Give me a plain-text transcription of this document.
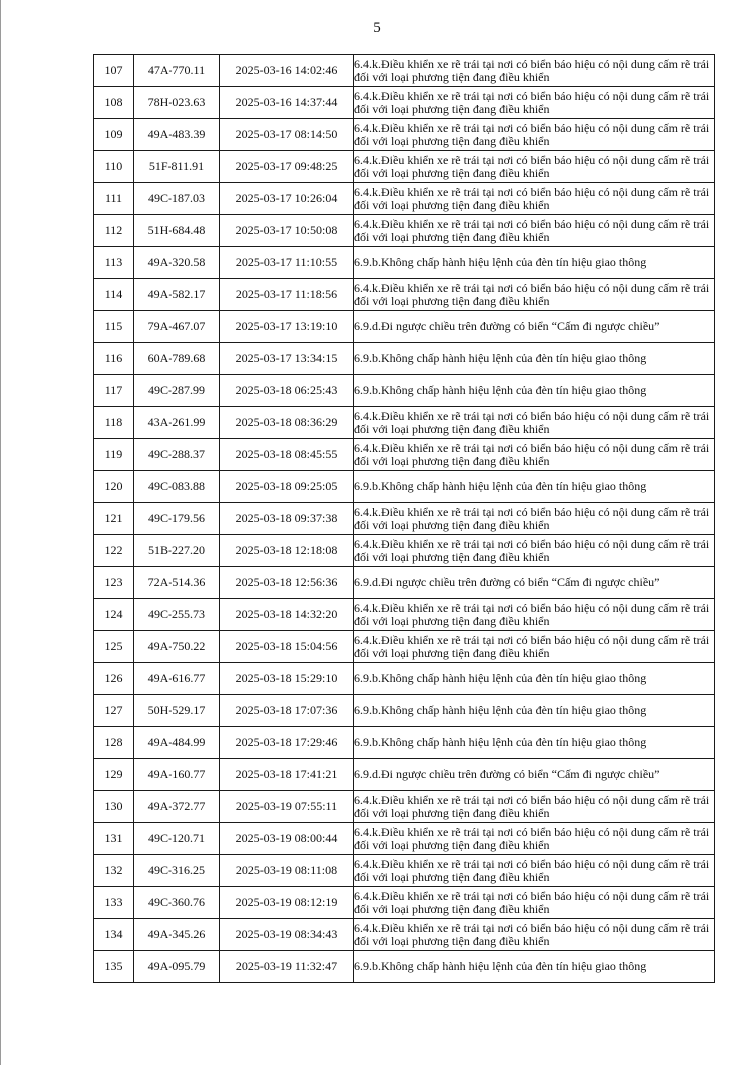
5
107	47A-770.11	2025-03-16 14:02:46	6.4.k.Điều khiển xe rẽ trái tại nơi có biển báo hiệu có nội dung cấm rẽ trái đối với loại phương tiện đang điều khiển
108	78H-023.63	2025-03-16 14:37:44	6.4.k.Điều khiển xe rẽ trái tại nơi có biển báo hiệu có nội dung cấm rẽ trái đối với loại phương tiện đang điều khiển
109	49A-483.39	2025-03-17 08:14:50	6.4.k.Điều khiển xe rẽ trái tại nơi có biển báo hiệu có nội dung cấm rẽ trái đối với loại phương tiện đang điều khiển
110	51F-811.91	2025-03-17 09:48:25	6.4.k.Điều khiển xe rẽ trái tại nơi có biển báo hiệu có nội dung cấm rẽ trái đối với loại phương tiện đang điều khiển
111	49C-187.03	2025-03-17 10:26:04	6.4.k.Điều khiển xe rẽ trái tại nơi có biển báo hiệu có nội dung cấm rẽ trái đối với loại phương tiện đang điều khiển
112	51H-684.48	2025-03-17 10:50:08	6.4.k.Điều khiển xe rẽ trái tại nơi có biển báo hiệu có nội dung cấm rẽ trái đối với loại phương tiện đang điều khiển
113	49A-320.58	2025-03-17 11:10:55	6.9.b.Không chấp hành hiệu lệnh của đèn tín hiệu giao thông
114	49A-582.17	2025-03-17 11:18:56	6.4.k.Điều khiển xe rẽ trái tại nơi có biển báo hiệu có nội dung cấm rẽ trái đối với loại phương tiện đang điều khiển
115	79A-467.07	2025-03-17 13:19:10	6.9.d.Đi ngược chiều trên đường có biển “Cấm đi ngược chiều”
116	60A-789.68	2025-03-17 13:34:15	6.9.b.Không chấp hành hiệu lệnh của đèn tín hiệu giao thông
117	49C-287.99	2025-03-18 06:25:43	6.9.b.Không chấp hành hiệu lệnh của đèn tín hiệu giao thông
118	43A-261.99	2025-03-18 08:36:29	6.4.k.Điều khiển xe rẽ trái tại nơi có biển báo hiệu có nội dung cấm rẽ trái đối với loại phương tiện đang điều khiển
119	49C-288.37	2025-03-18 08:45:55	6.4.k.Điều khiển xe rẽ trái tại nơi có biển báo hiệu có nội dung cấm rẽ trái đối với loại phương tiện đang điều khiển
120	49C-083.88	2025-03-18 09:25:05	6.9.b.Không chấp hành hiệu lệnh của đèn tín hiệu giao thông
121	49C-179.56	2025-03-18 09:37:38	6.4.k.Điều khiển xe rẽ trái tại nơi có biển báo hiệu có nội dung cấm rẽ trái đối với loại phương tiện đang điều khiển
122	51B-227.20	2025-03-18 12:18:08	6.4.k.Điều khiển xe rẽ trái tại nơi có biển báo hiệu có nội dung cấm rẽ trái đối với loại phương tiện đang điều khiển
123	72A-514.36	2025-03-18 12:56:36	6.9.d.Đi ngược chiều trên đường có biển “Cấm đi ngược chiều”
124	49C-255.73	2025-03-18 14:32:20	6.4.k.Điều khiển xe rẽ trái tại nơi có biển báo hiệu có nội dung cấm rẽ trái đối với loại phương tiện đang điều khiển
125	49A-750.22	2025-03-18 15:04:56	6.4.k.Điều khiển xe rẽ trái tại nơi có biển báo hiệu có nội dung cấm rẽ trái đối với loại phương tiện đang điều khiển
126	49A-616.77	2025-03-18 15:29:10	6.9.b.Không chấp hành hiệu lệnh của đèn tín hiệu giao thông
127	50H-529.17	2025-03-18 17:07:36	6.9.b.Không chấp hành hiệu lệnh của đèn tín hiệu giao thông
128	49A-484.99	2025-03-18 17:29:46	6.9.b.Không chấp hành hiệu lệnh của đèn tín hiệu giao thông
129	49A-160.77	2025-03-18 17:41:21	6.9.d.Đi ngược chiều trên đường có biển “Cấm đi ngược chiều”
130	49A-372.77	2025-03-19 07:55:11	6.4.k.Điều khiển xe rẽ trái tại nơi có biển báo hiệu có nội dung cấm rẽ trái đối với loại phương tiện đang điều khiển
131	49C-120.71	2025-03-19 08:00:44	6.4.k.Điều khiển xe rẽ trái tại nơi có biển báo hiệu có nội dung cấm rẽ trái đối với loại phương tiện đang điều khiển
132	49C-316.25	2025-03-19 08:11:08	6.4.k.Điều khiển xe rẽ trái tại nơi có biển báo hiệu có nội dung cấm rẽ trái đối với loại phương tiện đang điều khiển
133	49C-360.76	2025-03-19 08:12:19	6.4.k.Điều khiển xe rẽ trái tại nơi có biển báo hiệu có nội dung cấm rẽ trái đối với loại phương tiện đang điều khiển
134	49A-345.26	2025-03-19 08:34:43	6.4.k.Điều khiển xe rẽ trái tại nơi có biển báo hiệu có nội dung cấm rẽ trái đối với loại phương tiện đang điều khiển
135	49A-095.79	2025-03-19 11:32:47	6.9.b.Không chấp hành hiệu lệnh của đèn tín hiệu giao thông
